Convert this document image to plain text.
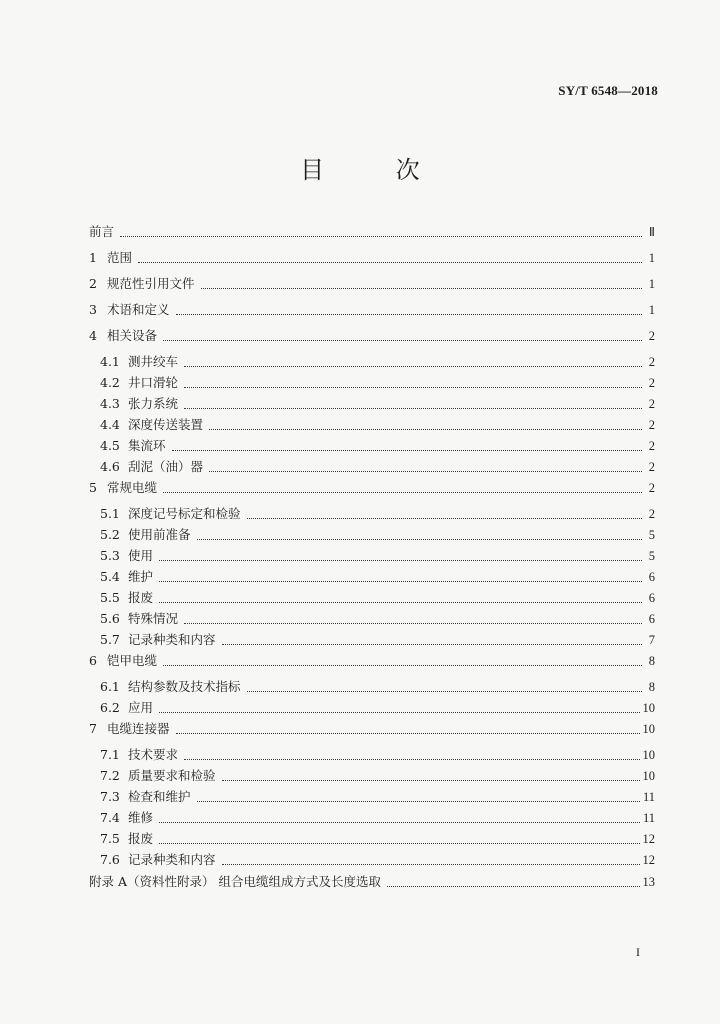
SY/T 6548—2018
目 次
前言	Ⅱ
1 范围	1
2 规范性引用文件	1
3 术语和定义	1
4 相关设备	2
4.1 测井绞车	2
4.2 井口滑轮	2
4.3 张力系统	2
4.4 深度传送装置	2
4.5 集流环	2
4.6 刮泥（油）器	2
5 常规电缆	2
5.1 深度记号标定和检验	2
5.2 使用前准备	5
5.3 使用	5
5.4 维护	6
5.5 报废	6
5.6 特殊情况	6
5.7 记录种类和内容	7
6 铠甲电缆	8
6.1 结构参数及技术指标	8
6.2 应用	10
7 电缆连接器	10
7.1 技术要求	10
7.2 质量要求和检验	10
7.3 检查和维护	11
7.4 维修	11
7.5 报废	12
7.6 记录种类和内容	12
附录 A（资料性附录） 组合电缆组成方式及长度选取	13
I
